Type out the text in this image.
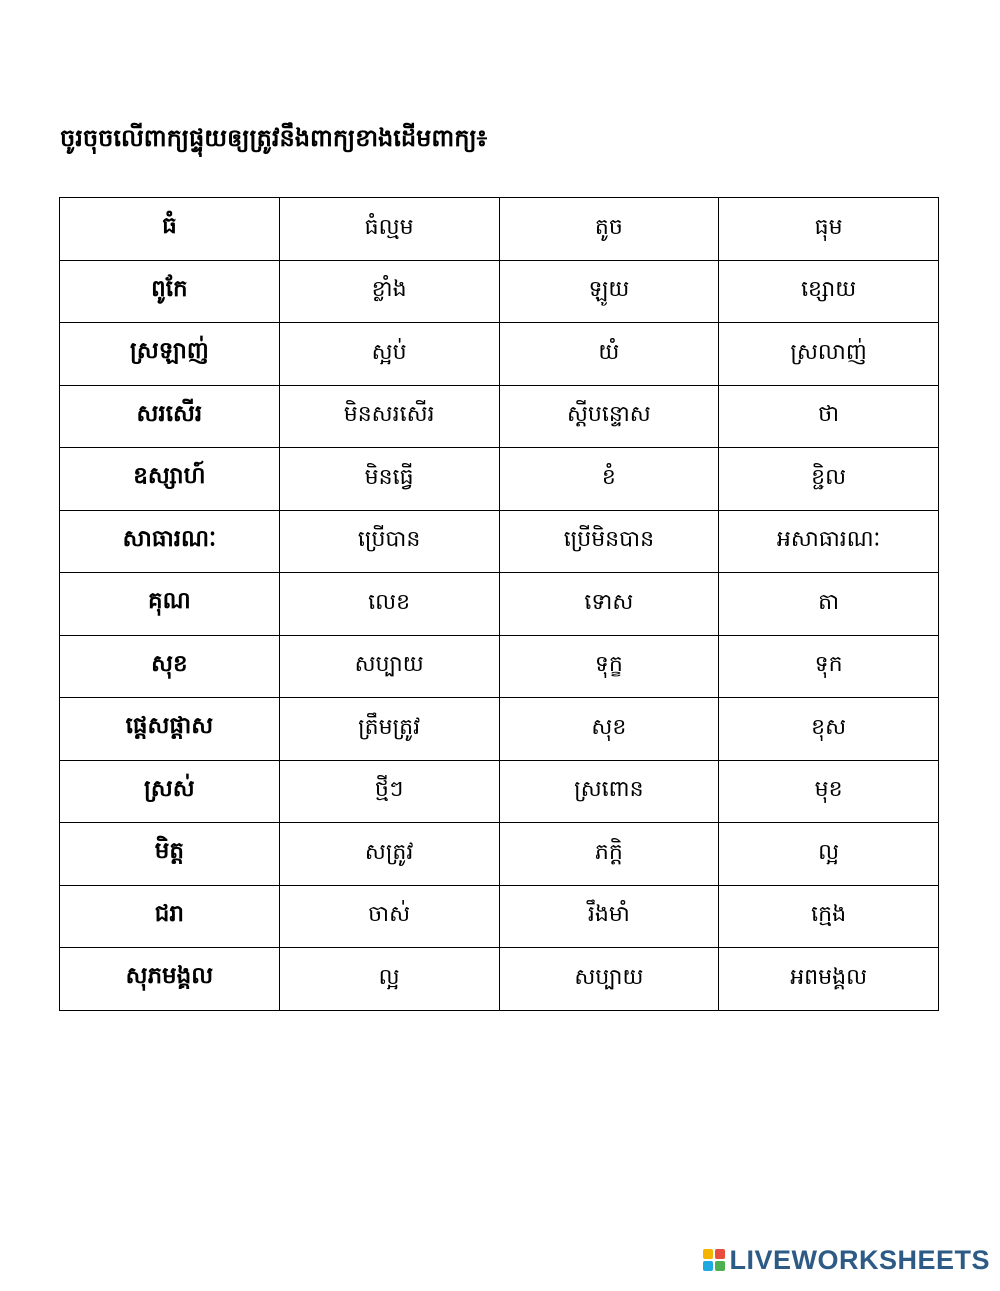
ចូរចុចលើពាក្យផ្ទុយឲ្យត្រូវនឹងពាក្យខាងដើមពាក្យ៖
ធំ	ធំល្មម	តូច	ធុម
ពូកែ	ខ្លាំង	ឡូយ	ខ្សោយ
ស្រឡាញ់	ស្អប់	យំ	ស្រលាញ់
សរសើរ	មិនសរសើរ	ស្តីបន្ទោស	ថា
ឧស្សាហ៍	មិនធ្វើ	ខំ	ខ្ជិល
សាធារណៈ	ប្រើបាន	ប្រើមិនបាន	អសាធារណៈ
គុណ	លេខ	ទោស	តា
សុខ	សប្បាយ	ទុក្ខ	ទុក
ផ្ដេសផ្ដាស	ត្រឹមត្រូវ	សុខ	ខុស
ស្រស់	ថ្មីៗ	ស្រពោន	មុខ
មិត្ត	សត្រូវ	ភក្តិ	ល្អ
ជរា	ចាស់	រឹងមាំ	ក្មេង
សុភមង្គល	ល្អ	សប្បាយ	អពមង្គល
LIVEWORKSHEETS
